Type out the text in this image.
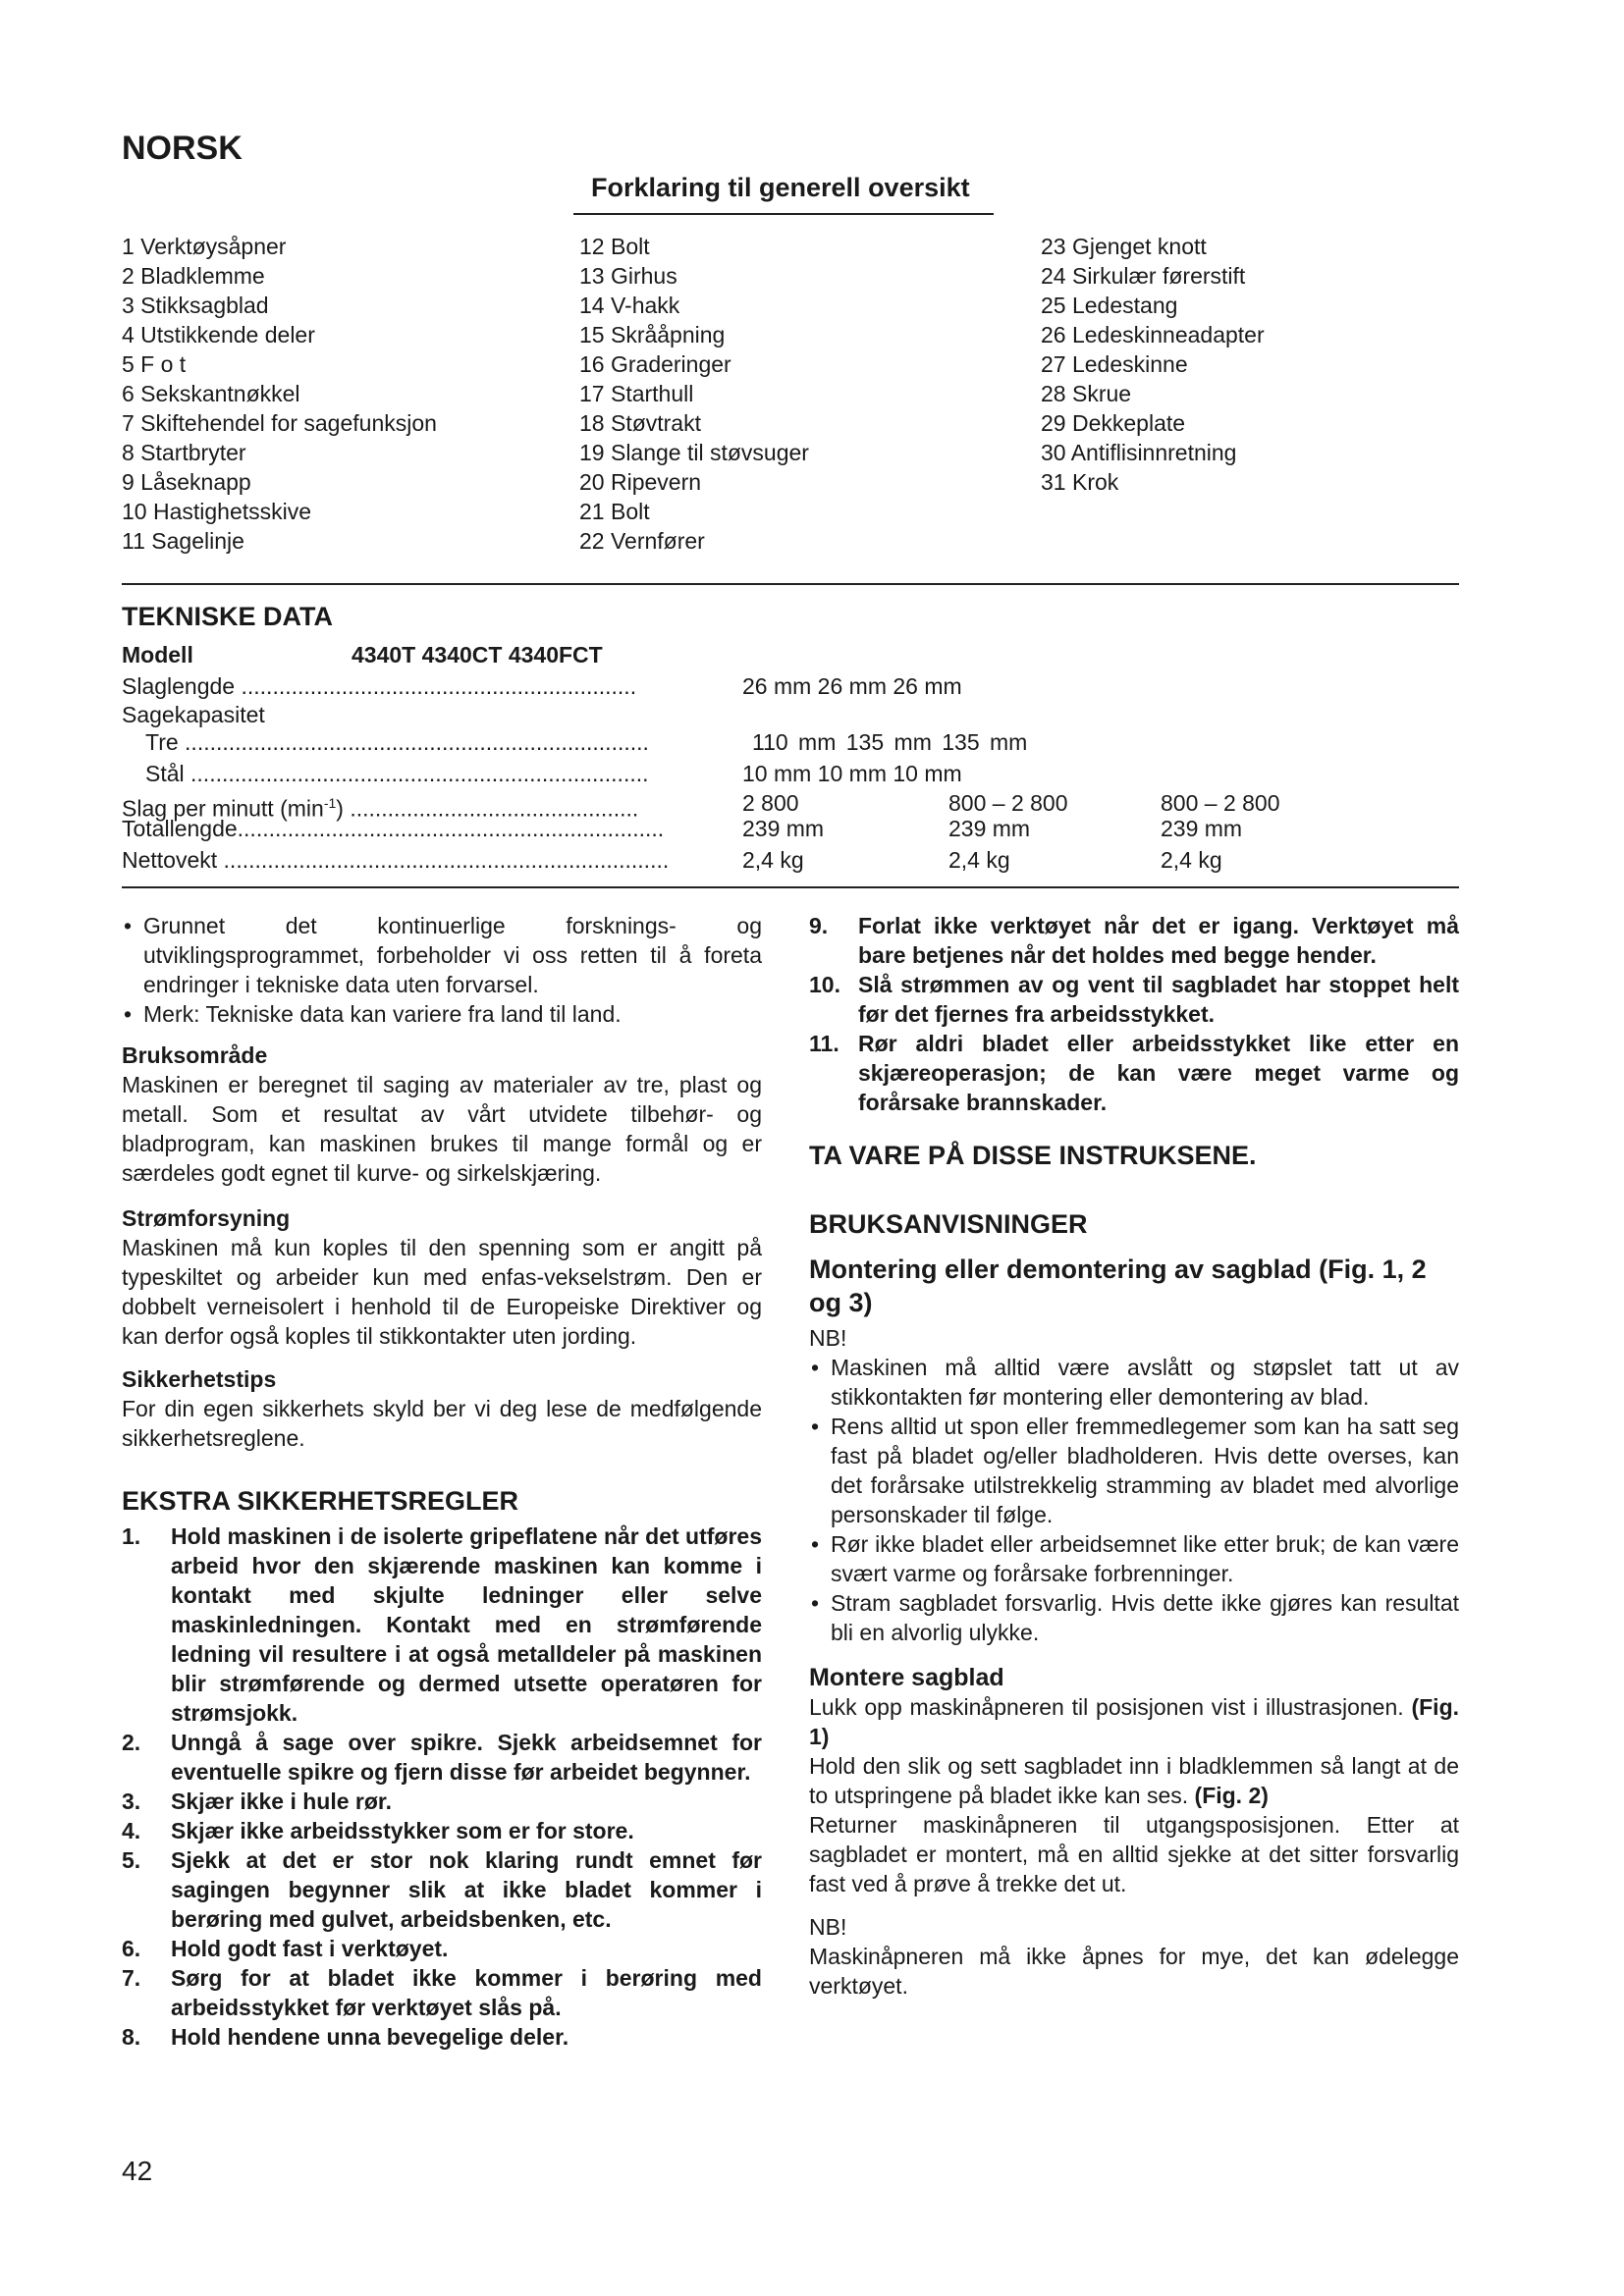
NORSK
Forklaring til generell oversikt
1 Verktøysåpner
2 Bladklemme
3 Stikksagblad
4 Utstikkende deler
5 F o t
6 Sekskantnøkkel
7 Skiftehendel for sagefunksjon
8 Startbryter
9 Låseknapp
10 Hastighetsskive
11 Sagelinje
12 Bolt
13 Girhus
14 V-hakk
15 Skrååpning
16 Graderinger
17 Starthull
18 Støvtrakt
19 Slange til støvsuger
20 Ripevern
21 Bolt
22 Vernfører
23 Gjenget knott
24 Sirkulær førerstift
25 Ledestang
26 Ledeskinneadapter
27 Ledeskinne
28 Skrue
29 Dekkeplate
30 Antiflisinnretning
31 Krok
TEKNISKE DATA
Modell	4340T 4340CT 4340FCT
Slaglengde ...............................................................	26 mm 26 mm 26 mm
Sagekapasitet
Tre ..........................................................................	110 mm 135 mm 135 mm
Stål .........................................................................	10 mm 10 mm 10 mm
Slag per minutt $(\min^{-1})$ ..............................................	2 800	800 – 2 800	800 – 2 800
Totallengde....................................................................	239 mm	239 mm	239 mm
Nettovekt .......................................................................	2,4 kg	2,4 kg	2,4 kg
• Grunnet det kontinuerlige forsknings- og utviklingsprogrammet, forbeholder vi oss retten til å foreta endringer i tekniske data uten forvarsel.
• Merk: Tekniske data kan variere fra land til land.

Bruksområde

Maskinen er beregnet til saging av materialer av tre, plast og metall. Som et resultat av vårt utvidete tilbehør- og bladprogram, kan maskinen brukes til mange formål og er særdeles godt egnet til kurve- og sirkelskjæring.

Strømforsyning

Maskinen må kun koples til den spenning som er angitt på typeskiltet og arbeider kun med enfas-vekselstrøm. Den er dobbelt verneisolert i henhold til de Europeiske Direktiver og kan derfor også koples til stikkontakter uten jording.

Sikkerhetstips

For din egen sikkerhets skyld ber vi deg lese de medfølgende sikkerhetsreglene.

EKSTRA SIKKERHETSREGLER

1. Hold maskinen i de isolerte gripeflatene når det utføres arbeid hvor den skjærende maskinen kan komme i kontakt med skjulte ledninger eller selve maskinledningen. Kontakt med en strømførende ledning vil resultere i at også metalldeler på maskinen blir strømførende og dermed utsette operatøren for strømsjokk.
2. Unngå å sage over spikre. Sjekk arbeidsemnet for eventuelle spikre og fjern disse før arbeidet begynner.
3. Skjær ikke i hule rør.
4. Skjær ikke arbeidsstykker som er for store.
5. Sjekk at det er stor nok klaring rundt emnet før sagingen begynner slik at ikke bladet kommer i berøring med gulvet, arbeidsbenken, etc.
6. Hold godt fast i verktøyet.
7. Sørg for at bladet ikke kommer i berøring med arbeidsstykket før verktøyet slås på.
8. Hold hendene unna bevegelige deler.
9. Forlat ikke verktøyet når det er igang. Verktøyet må bare betjenes når det holdes med begge hender.
10. Slå strømmen av og vent til sagbladet har stoppet helt før det fjernes fra arbeidsstykket.
11. Rør aldri bladet eller arbeidsstykket like etter en skjæreoperasjon; de kan være meget varme og forårsake brannskader.

TA VARE PÅ DISSE INSTRUKSENE.

BRUKSANVISNINGER

Montering eller demontering av sagblad (Fig. 1, 2 og 3)

NB!

• Maskinen må alltid være avslått og støpslet tatt ut av stikkontakten før montering eller demontering av blad.
• Rens alltid ut spon eller fremmedlegemer som kan ha satt seg fast på bladet og/eller bladholderen. Hvis dette overses, kan det forårsake utilstrekkelig stramming av bladet med alvorlige personskader til følge.
• Rør ikke bladet eller arbeidsemnet like etter bruk; de kan være svært varme og forårsake forbrenninger.
• Stram sagbladet forsvarlig. Hvis dette ikke gjøres kan resultat bli en alvorlig ulykke.

Montere sagblad

Lukk opp maskinåpneren til posisjonen vist i illustrasjonen. (Fig. 1)
Hold den slik og sett sagbladet inn i bladklemmen så langt at de to utspringene på bladet ikke kan ses. (Fig. 2)
Returner maskinåpneren til utgangsposisjonen. Etter at sagbladet er montert, må en alltid sjekke at det sitter forsvarlig fast ved å prøve å trekke det ut.

NB!

Maskinåpneren må ikke åpnes for mye, det kan ødelegge verktøyet.

42
